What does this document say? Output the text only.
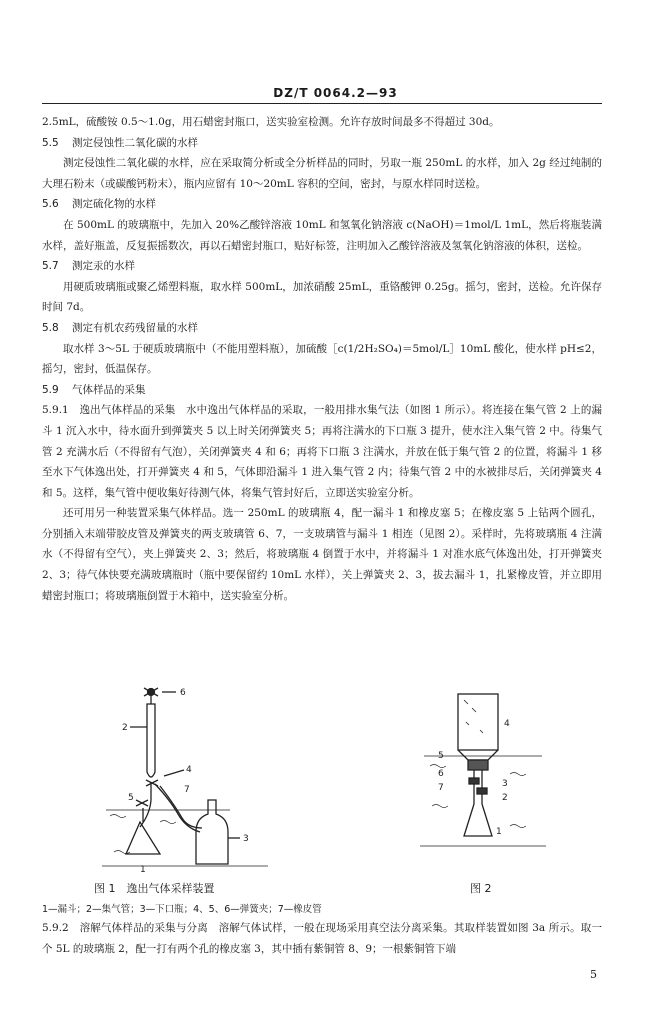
DZ/T 0064.2—93

2.5mL，硫酸铵 0.5～1.0g，用石蜡密封瓶口，送实验室检测。允许存放时间最多不得超过 30d。

5.5 测定侵蚀性二氧化碳的水样

测定侵蚀性二氧化碳的水样，应在采取简分析或全分析样品的同时，另取一瓶 250mL 的水样，加入 2g 经过纯制的大理石粉末（或碳酸钙粉末），瓶内应留有 10～20mL 容积的空间，密封，与原水样同时送检。

5.6 测定硫化物的水样

在 500mL 的玻璃瓶中，先加入 20%乙酸锌溶液 10mL 和氢氧化钠溶液 c(NaOH)＝1mol/L 1mL，然后将瓶装满水样，盖好瓶盖，反复振摇数次，再以石蜡密封瓶口，贴好标签，注明加入乙酸锌溶液及氢氧化钠溶液的体积，送检。

5.7 测定汞的水样

用硬质玻璃瓶或聚乙烯塑料瓶，取水样 500mL，加浓硝酸 25mL，重铬酸钾 0.25g。摇匀，密封，送检。允许保存时间 7d。

5.8 测定有机农药残留量的水样

取水样 3～5L 于硬质玻璃瓶中（不能用塑料瓶），加硫酸［c(1/2H₂SO₄)＝5mol/L］10mL 酸化，使水样 pH≤2，摇匀，密封，低温保存。

5.9 气体样品的采集

5.9.1　逸出气体样品的采集　水中逸出气体样品的采取，一般用排水集气法（如图 1 所示）。将连接在集气管 2 上的漏斗 1 沉入水中，待水面升到弹簧夹 5 以上时关闭弹簧夹 5；再将注满水的下口瓶 3 提升，使水注入集气管 2 中。待集气管 2 充满水后（不得留有气泡），关闭弹簧夹 4 和 6；再将下口瓶 3 注满水，并放在低于集气管 2 的位置，将漏斗 1 移至水下气体逸出处，打开弹簧夹 4 和 5，气体即沿漏斗 1 进入集气管 2 内；待集气管 2 中的水被排尽后，关闭弹簧夹 4 和 5。这样，集气管中便收集好待测气体，将集气管封好后，立即送实验室分析。

还可用另一种装置采集气体样品。选一 250mL 的玻璃瓶 4，配一漏斗 1 和橡皮塞 5；在橡皮塞 5 上钻两个圆孔，分别插入末端带胶皮管及弹簧夹的两支玻璃管 6、7，一支玻璃管与漏斗 1 相连（见图 2）。采样时，先将玻璃瓶 4 注满水（不得留有空气），夹上弹簧夹 2、3；然后，将玻璃瓶 4 倒置于水中，并将漏斗 1 对准水底气体逸出处，打开弹簧夹 2、3；待气体快要充满玻璃瓶时（瓶中要保留约 10mL 水样），关上弹簧夹 2、3，拔去漏斗 1，扎紧橡皮管，并立即用蜡密封瓶口；将玻璃瓶倒置于木箱中，送实验室分析。

6
2
5
4
7
3
1
4
5
6
7	3
2
1
图 1　逸出气体采样装置	图 2
1—漏斗；2—集气管；3—下口瓶；4、5、6—弹簧夹；7—橡皮管

5.9.2　溶解气体样品的采集与分离　溶解气体试样，一般在现场采用真空法分离采集。其取样装置如图 3a 所示。取一个 5L 的玻璃瓶 2，配一打有两个孔的橡皮塞 3，其中插有紫铜管 8、9；一根紫铜管下端

5
